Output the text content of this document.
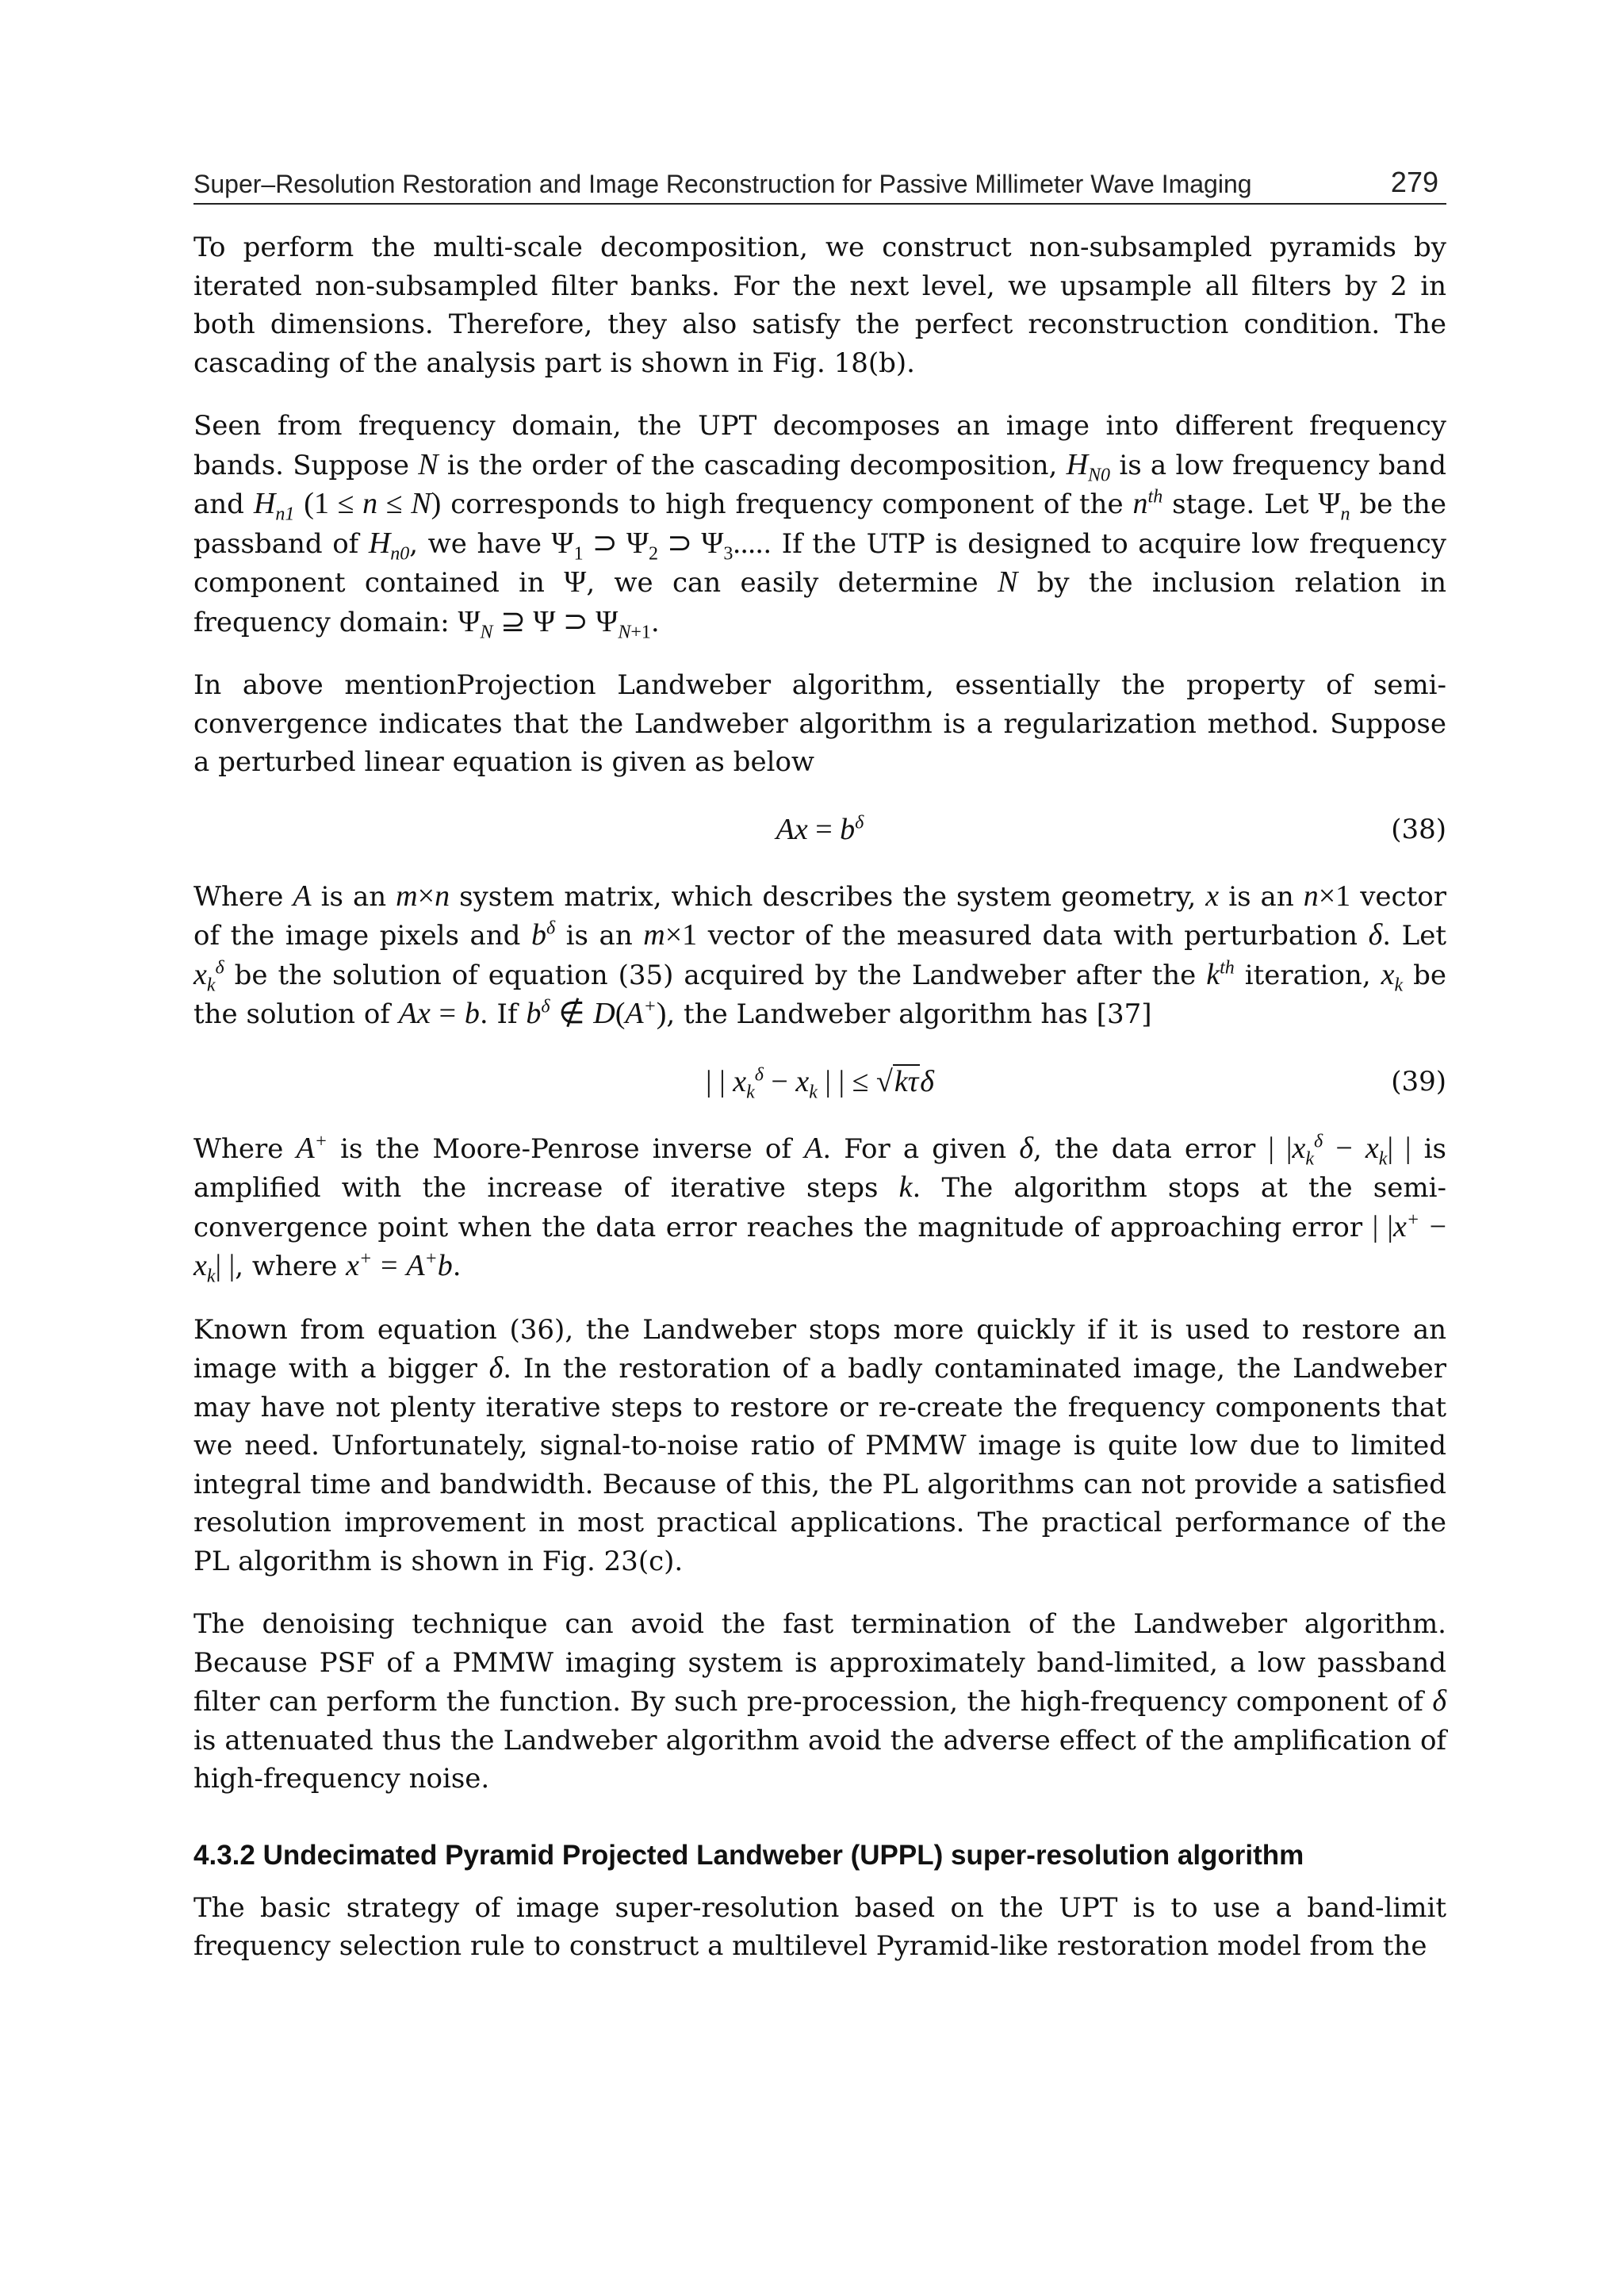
Super–Resolution Restoration and Image Reconstruction for Passive Millimeter Wave Imaging	279

To perform the multi-scale decomposition, we construct non-subsampled pyramids by iterated non-subsampled filter banks. For the next level, we upsample all filters by 2 in both dimensions. Therefore, they also satisfy the perfect reconstruction condition. The cascading of the analysis part is shown in Fig. 18(b).

Seen from frequency domain, the UPT decomposes an image into different frequency bands. Suppose N is the order of the cascading decomposition, $H_{N0}$ is a low frequency band and $H_{n1}$ (1 ≤ n ≤ N) corresponds to high frequency component of the $n^{th}$ stage. Let $\Psi_n$ be the passband of $H_{n0}$, we have $\Psi_1$ ⊃ $\Psi_2$ ⊃ $\Psi_3$..... If the UTP is designed to acquire low frequency component contained in Ψ, we can easily determine N by the inclusion relation in frequency domain: $\Psi_N$ ⊇ Ψ ⊃ $\Psi_{N+1}$.

In above mentionProjection Landweber algorithm, essentially the property of semi-convergence indicates that the Landweber algorithm is a regularization method. Suppose a perturbed linear equation is given as below

$Ax = b^\delta$	(38)

Where A is an m×n system matrix, which describes the system geometry, x is an n×1 vector of the image pixels and $b^\delta$ is an m×1 vector of the measured data with perturbation δ. Let $x_k^\delta$ be the solution of equation (35) acquired by the Landweber after the $k^{th}$ iteration, $x_k$ be the solution of Ax = b. If $b^\delta$ ∉ D(A+), the Landweber algorithm has [37]

| | $x_k^\delta - x_k$ | | ≤ √kτδ	(39)

Where A+ is the Moore-Penrose inverse of A. For a given δ, the data error | $|x_k^\delta - x_k|$ | is amplified with the increase of iterative steps k. The algorithm stops at the semi-convergence point when the data error reaches the magnitude of approaching error | $|x^+ - x_k|$ |, where x+ = A+b.

Known from equation (36), the Landweber stops more quickly if it is used to restore an image with a bigger δ. In the restoration of a badly contaminated image, the Landweber may have not plenty iterative steps to restore or re-create the frequency components that we need. Unfortunately, signal-to-noise ratio of PMMW image is quite low due to limited integral time and bandwidth. Because of this, the PL algorithms can not provide a satisfied resolution improvement in most practical applications. The practical performance of the PL algorithm is shown in Fig. 23(c).

The denoising technique can avoid the fast termination of the Landweber algorithm. Because PSF of a PMMW imaging system is approximately band-limited, a low passband filter can perform the function. By such pre-procession, the high-frequency component of δ is attenuated thus the Landweber algorithm avoid the adverse effect of the amplification of high-frequency noise.

4.3.2 Undecimated Pyramid Projected Landweber (UPPL) super-resolution algorithm

The basic strategy of image super-resolution based on the UPT is to use a band-limit frequency selection rule to construct a multilevel Pyramid-like restoration model from the
